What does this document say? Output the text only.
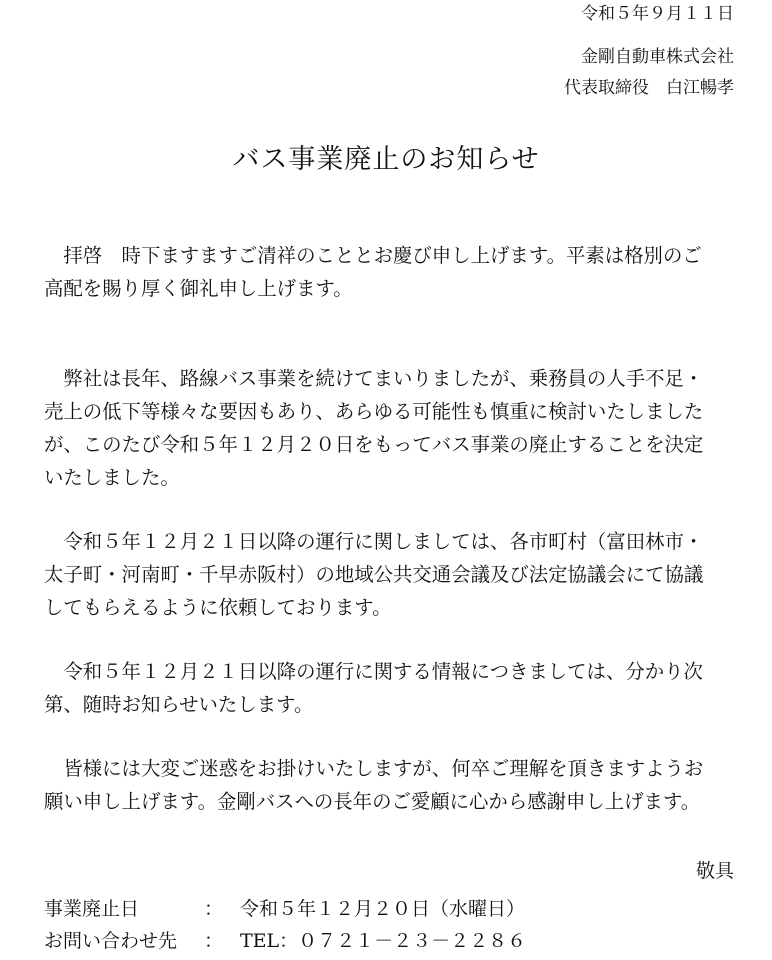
令和５年９月１１日
金剛自動車株式会社
代表取締役　白江暢孝
バス事業廃止のお知らせ
　拝啓　時下ますますご清祥のこととお慶び申し上げます。平素は格別のご
高配を賜り厚く御礼申し上げます。
　弊社は長年、路線バス事業を続けてまいりましたが、乗務員の人手不足・
売上の低下等様々な要因もあり、あらゆる可能性も慎重に検討いたしました
が、このたび令和５年１２月２０日をもってバス事業の廃止することを決定
いたしました。
　令和５年１２月２１日以降の運行に関しましては、各市町村（富田林市・
太子町・河南町・千早赤阪村）の地域公共交通会議及び法定協議会にて協議
してもらえるように依頼しております。
　令和５年１２月２１日以降の運行に関する情報につきましては、分かり次
第、随時お知らせいたします。
　皆様には大変ご迷惑をお掛けいたしますが、何卒ご理解を頂きますようお
願い申し上げます。金剛バスへの長年のご愛顧に心から感謝申し上げます。
敬具
事業廃止日	： 令和５年１２月２０日（水曜日）
お問い合わせ先 ： TEL：０７２１－２３－２２８６
